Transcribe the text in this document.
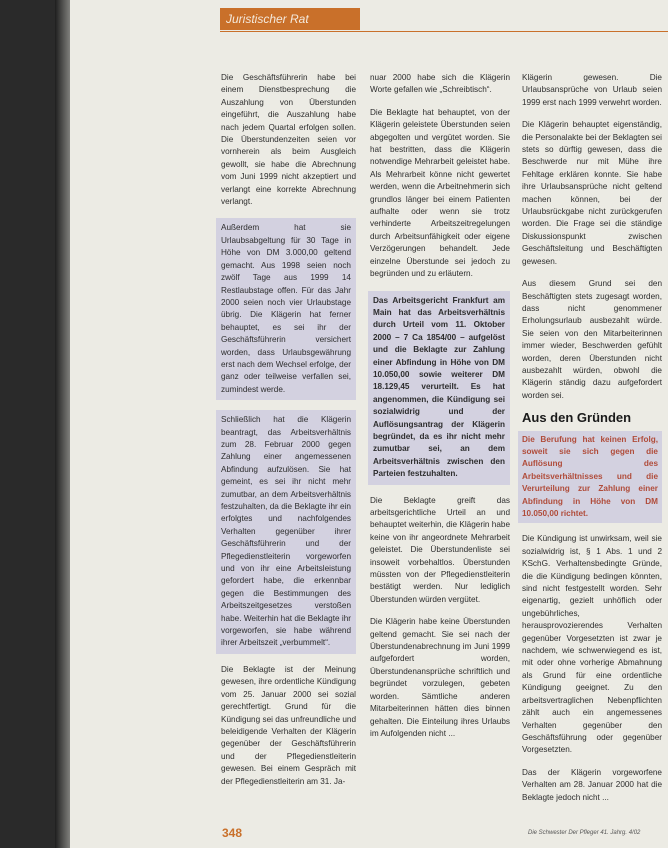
Juristischer Rat

Die Geschäftsführerin habe bei einem Dienstbesprechung die Auszahlung von Überstunden eingeführt, die Auszahlung habe nach jedem Quartal erfolgen sollen. Die Überstundenzeiten seien vor vornherein als beim Ausgleich gewollt, sie habe die Abrechnung vom Juni 1999 nicht akzeptiert und verlangt eine korrekte Abrechnung verlangt.

Außerdem hat sie Urlaubsabgeltung für 30 Tage in Höhe von DM 3.000,00 geltend gemacht. Aus 1998 seien noch zwölf Tage aus 1999 14 Restlaubstage offen. Für das Jahr 2000 seien noch vier Urlaubstage übrig. Die Klägerin hat ferner behauptet, es sei ihr der Geschäftsführerin versichert worden, dass Urlaubsgewährung erst nach dem Wechsel erfolge, der ganz oder teilweise verfallen sei, zumindest werde.
Schließlich hat die Klägerin beantragt, das Arbeitsverhältnis zum 28. Februar 2000 gegen Zahlung einer angemessenen Abfindung aufzulösen. Sie hat gemeint, es sei ihr nicht mehr zumutbar, an dem Arbeitsverhältnis festzuhalten, da die Beklagte ihr ein erfolgtes und nachfolgendes Verhalten gegenüber ihrer Geschäftsführerin und der Pflegedienstleiterin vorgeworfen und von ihr eine Arbeitsleistung gefordert habe, die erkennbar gegen die Bestimmungen des Arbeitszeitgesetzes verstoßen habe. Weiterhin hat die Beklagte ihr vorgeworfen, sie habe während ihrer Arbeitszeit „verbummelt“.

Die Beklagte ist der Meinung gewesen, ihre ordentliche Kündigung vom 25. Januar 2000 sei sozial gerechtfertigt. Grund für die Kündigung sei das unfreundliche und beleidigende Verhalten der Klägerin gegenüber der Geschäftsführerin und der Pflegedienstleiterin gewesen. Bei einem Gespräch mit der Pflegedienstleiterin am 31. Ja-

nuar 2000 habe sich die Klägerin Worte gefallen wie „Schreibtisch“.

Die Beklagte hat behauptet, von der Klägerin geleistete Überstunden seien abgegolten und vergütet worden. Sie hat bestritten, dass die Klägerin notwendige Mehrarbeit geleistet habe. Als Mehrarbeit könne nicht gewertet werden, wenn die Arbeitnehmerin sich grundlos länger bei einem Patienten aufhalte oder wenn sie trotz verhinderte Arbeitszeitregelungen durch Arbeitsunfähigkeit oder eigene Verzögerungen behandelt. Jede einzelne Überstunde sei jedoch zu begründen und zu erläutern.

Das Arbeitsgericht Frankfurt am Main hat das Arbeitsverhältnis durch Urteil vom 11. Oktober 2000 – 7 Ca 1854/00 – aufgelöst und die Beklagte zur Zahlung einer Abfindung in Höhe von DM 10.050,00 sowie weiterer DM 18.129,45 verurteilt. Es hat angenommen, die Kündigung sei sozialwidrig und der Auflösungsantrag der Klägerin begründet, da es ihr nicht mehr zumutbar sei, an dem Arbeitsverhältnis zwischen den Parteien festzuhalten.

Die Beklagte greift das arbeitsgerichtliche Urteil an und behauptet weiterhin, die Klägerin habe keine von ihr angeordnete Mehrarbeit geleistet. Die Überstundenliste sei insoweit vorbehaltlos. Überstunden müssten von der Pflegedienstleiterin bestätigt werden. Nur lediglich Überstunden würden vergütet.

Die Klägerin habe keine Überstunden geltend gemacht. Sie sei nach der Überstundenabrechnung im Juni 1999 aufgefordert worden, Überstundenansprüche schriftlich und begründet vorzulegen, gebeten worden. Sämtliche anderen Mitarbeiterinnen hätten dies binnen gehalten. Die Einteilung ihres Urlaubs im Aufolgenden nicht ...

Klägerin gewesen. Die Urlaubsansprüche von Urlaub seien 1999 erst nach 1999 verwehrt worden.

Die Klägerin behauptet eigenständig, die Personalakte bei der Beklagten sei stets so dürftig gewesen, dass die Beschwerde nur mit Mühe ihre Fehltage erklären konnte. Sie habe ihre Urlaubsansprüche nicht geltend machen können, bei der Urlaubsrückgabe nicht zurückgerufen worden. Die Frage sei die ständige Diskussionspunkt zwischen Geschäftsleitung und Beschäftigten gewesen.

Aus diesem Grund sei den Beschäftigten stets zugesagt worden, dass nicht genommener Erholungsurlaub ausbezahlt würde. Sie seien von den Mitarbeiterinnen immer wieder, Beschwerden gefühlt worden, deren Überstunden nicht ausbezahlt würden, obwohl die Klägerin ständig dazu aufgefordert worden sei.

Aus den Gründen
Die Berufung hat keinen Erfolg, soweit sie sich gegen die Auflösung des Arbeitsverhältnisses und die Verurteilung zur Zahlung einer Abfindung in Höhe von DM 10.050,00 richtet.

Die Kündigung ist unwirksam, weil sie sozialwidrig ist, § 1 Abs. 1 und 2 KSchG. Verhaltensbedingte Gründe, die die Kündigung bedingen könnten, sind nicht festgestellt worden. Sehr eigenartig, gezielt unhöflich oder ungebührliches, herausprovozierendes Verhalten gegenüber Vorgesetzten ist zwar je nachdem, wie schwerwiegend es ist, mit oder ohne vorherige Abmahnung als Grund für eine ordentliche Kündigung geeignet. Zu den arbeitsvertraglichen Nebenpflichten zählt auch ein angemessenes Verhalten gegenüber den Geschäftsführung oder gegenüber Vorgesetzten.

Das der Klägerin vorgeworfene Verhalten am 28. Januar 2000 hat die Beklagte jedoch nicht ...

348	Die Schwester Der Pfleger 41. Jahrg. 4/02
